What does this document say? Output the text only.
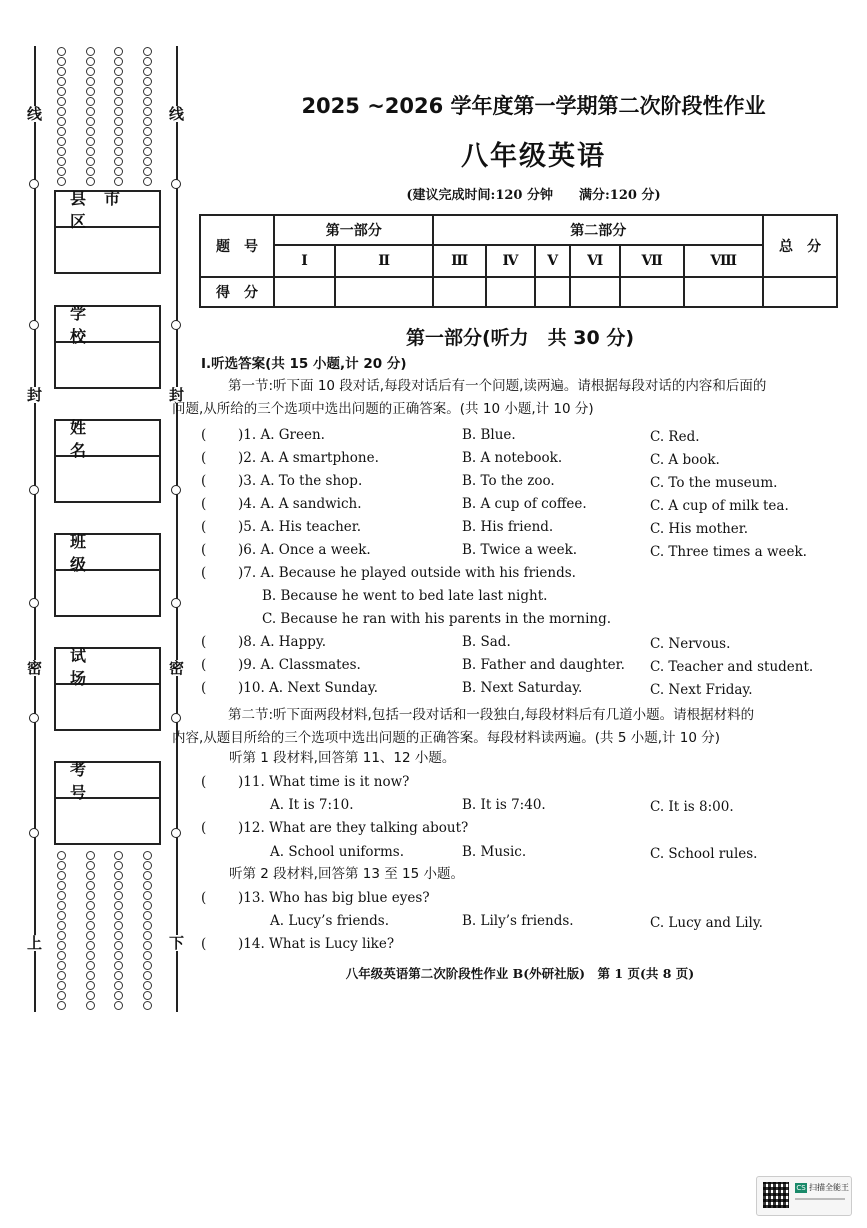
线
封
密
上
线
封
密
下
县市区
学 校
姓 名
班 级
试 场
考 号
2025 ~2026 学年度第一学期第二次阶段性作业
八年级英语
(建议完成时间:120 分钟　　满分:120 分)
题　号	第一部分		第二部分						总　分
	Ⅰ	Ⅱ	Ⅲ	Ⅳ	Ⅴ	Ⅵ	Ⅶ	Ⅷ	
得　分									
第一部分(听力　共 30 分)
Ⅰ.听选答案(共 15 小题,计 20 分)
第一节:听下面 10 段对话,每段对话后有一个问题,读两遍。请根据每段对话的内容和后面的
问题,从所给的三个选项中选出问题的正确答案。(共 10 小题,计 10 分)
( )7. A. Because he played outside with his friends.
B. Because he went to bed late last night.
C. Because he ran with his parents in the morning.
第二节:听下面两段材料,包括一段对话和一段独白,每段材料后有几道小题。请根据材料的
内容,从题目所给的三个选项中选出问题的正确答案。每段材料读两遍。(共 5 小题,计 10 分)
听第 1 段材料,回答第 11、12 小题。
( )11. What time is it now?
A. It is 7:10.	B. It is 7:40.	C. It is 8:00.
( )12. What are they talking about?
A. School uniforms.	B. Music.	C. School rules.
听第 2 段材料,回答第 13 至 15 小题。
( )13. Who has big blue eyes?
A. Lucy’s friends.	B. Lily’s friends.	C. Lucy and Lily.
( )14. What is Lucy like?
八年级英语第二次阶段性作业 B(外研社版)　第 1 页(共 8 页)
CS 扫描全能王
( )1. A. Green.	B. Blue.	C. Red.
( )2. A. A smartphone.	B. A notebook.	C. A book.
( )3. A. To the shop.	B. To the zoo.	C. To the museum.
( )4. A. A sandwich.	B. A cup of coffee.	C. A cup of milk tea.
( )5. A. His teacher.	B. His friend.	C. His mother.
( )6. A. Once a week.	B. Twice a week.	C. Three times a week.
( )8. A. Happy.	B. Sad.	C. Nervous.
( )9. A. Classmates.	B. Father and daughter. C. Teacher and student.
( )10. A. Next Sunday.	B. Next Saturday.	C. Next Friday.
